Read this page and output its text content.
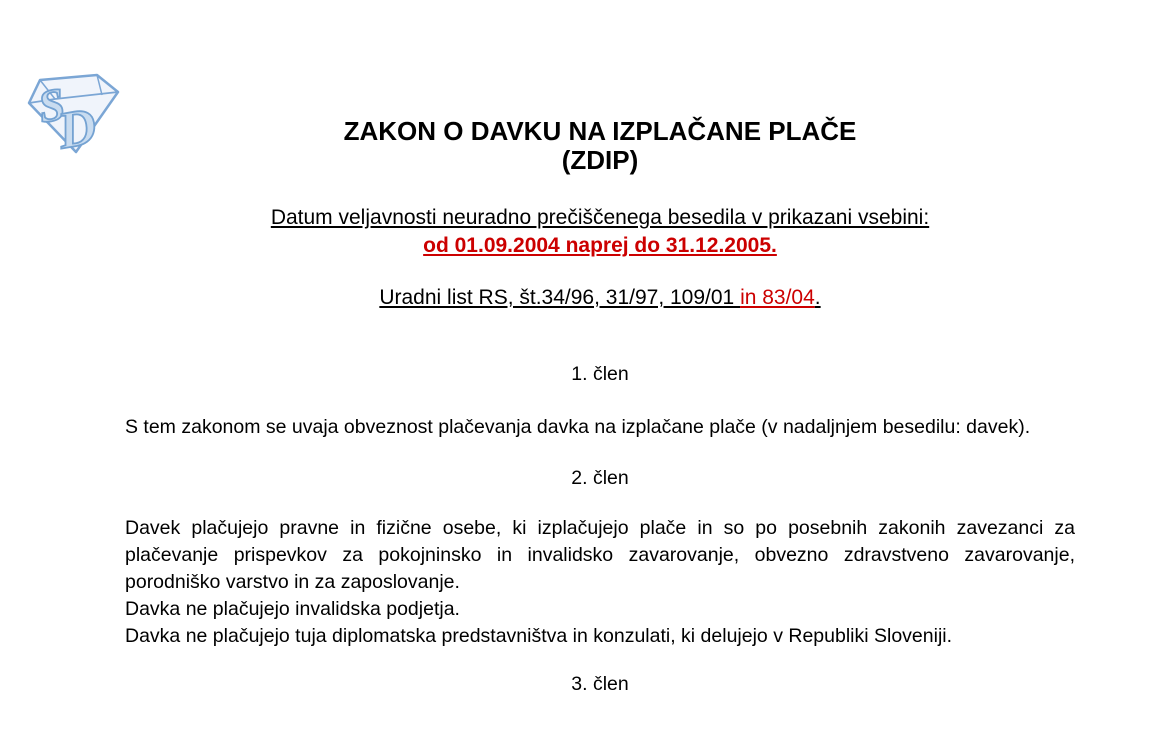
S
D	ZAKON O DAVKU NA IZPLAČANE PLAČE
(ZDIP)
Datum veljavnosti neuradno prečiščenega besedila v prikazani vsebini:
od 01.09.2004 naprej do 31.12.2005.
Uradni list RS, št.34/96, 31/97, 109/01 in 83/04.
1. člen

S tem zakonom se uvaja obveznost plačevanja davka na izplačane plače (v nadaljnjem besedilu: davek).

2. člen

Davek plačujejo pravne in fizične osebe, ki izplačujejo plače in so po posebnih zakonih zavezanci za plačevanje prispevkov za pokojninsko in invalidsko zavarovanje, obvezno zdravstveno zavarovanje, porodniško varstvo in za zaposlovanje.

Davka ne plačujejo invalidska podjetja.

Davka ne plačujejo tuja diplomatska predstavništva in konzulati, ki delujejo v Republiki Sloveniji.

3. člen
